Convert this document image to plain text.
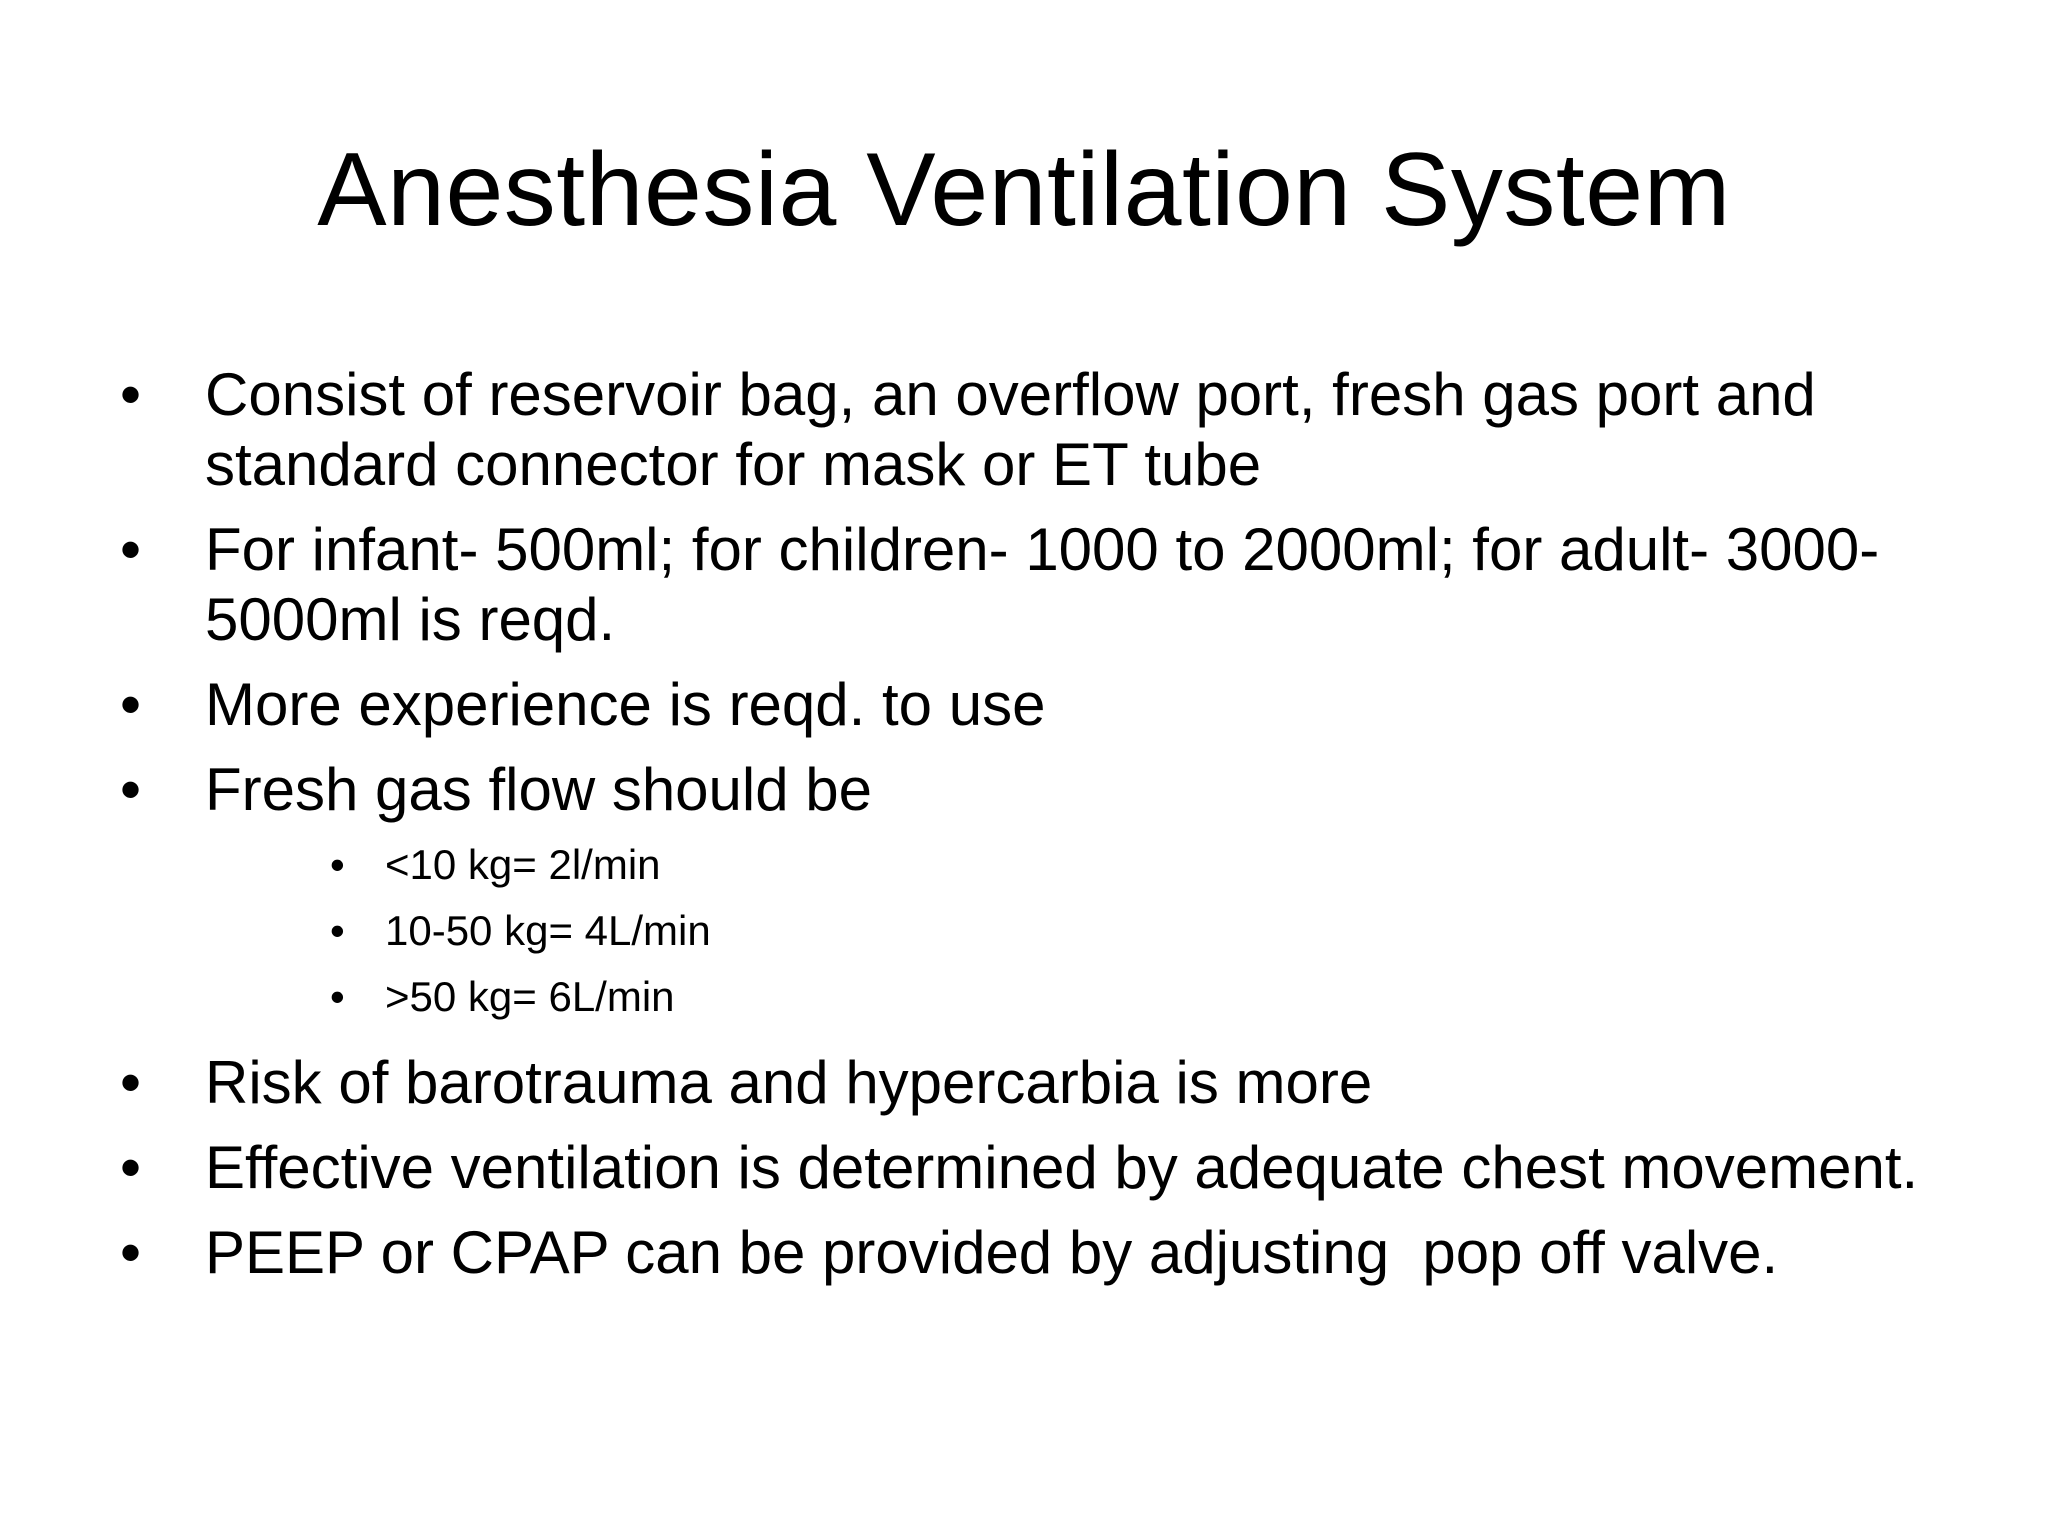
Anesthesia Ventilation System
•	Consist of reservoir bag, an overflow port, fresh gas port and standard connector for mask or ET tube
•	For infant- 500ml; for children- 1000 to 2000ml; for adult- 3000-5000ml is reqd.
•	More experience is reqd. to use
•	Fresh gas flow should be
• <10 kg= 2l/min
• 10-50 kg= 4L/min
• >50 kg= 6L/min
•	Risk of barotrauma and hypercarbia is more
•	Effective ventilation is determined by adequate chest movement.
•	PEEP or CPAP can be provided by adjusting  pop off valve.
